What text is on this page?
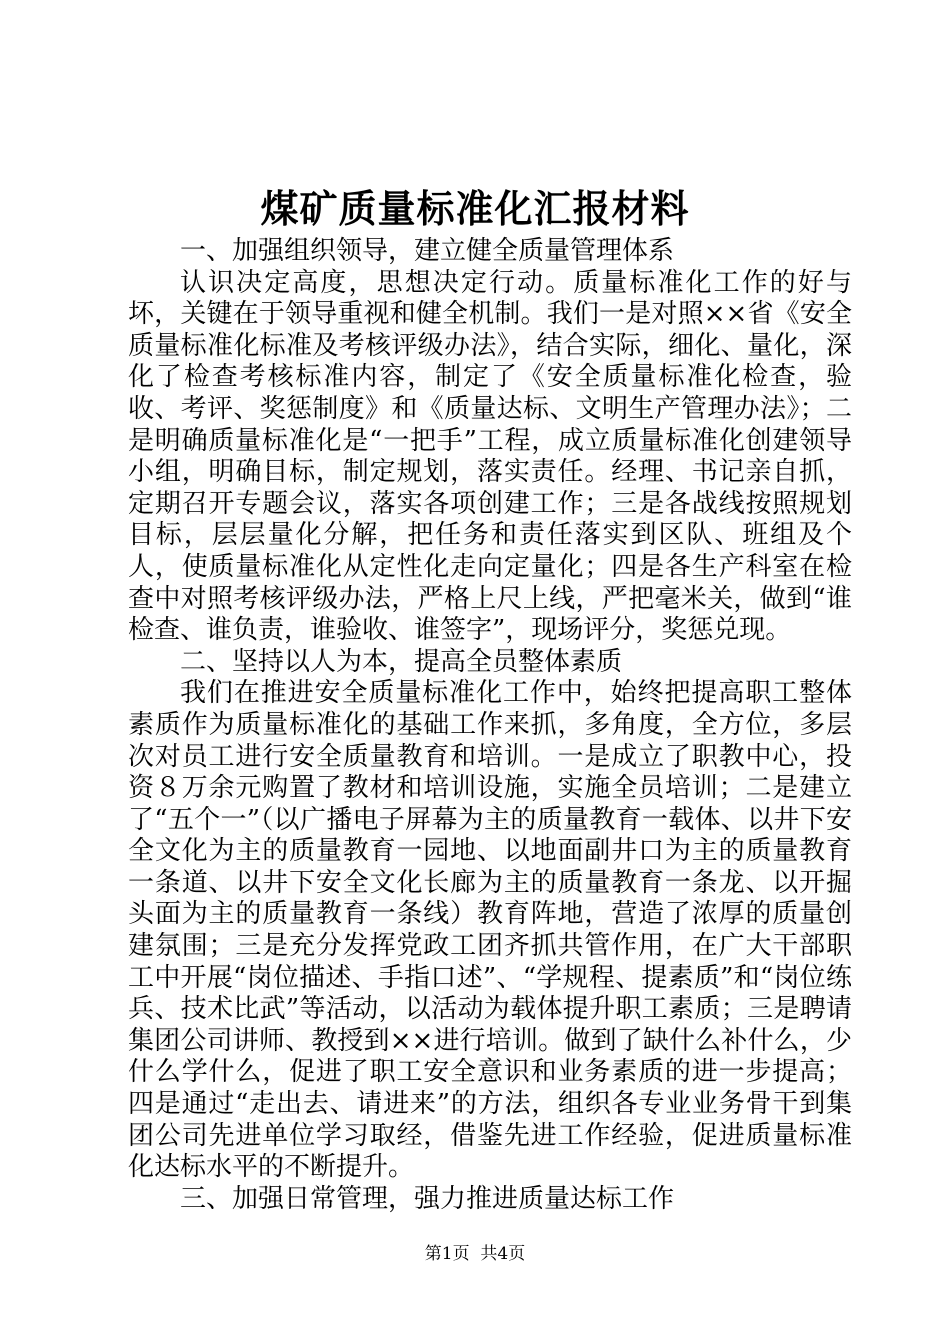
煤矿质量标准化汇报材料

一、加强组织领导，建立健全质量管理体系

认识决定高度，思想决定行动。质量标准化工作的好与坏，关键在于领导重视和健全机制。我们一是对照××省《安全质量标准化标准及考核评级办法》，结合实际，细化、量化，深化了检查考核标准内容，制定了《安全质量标准化检查，验收、考评、奖惩制度》和《质量达标、文明生产管理办法》；二是明确质量标准化是“一把手”工程，成立质量标准化创建领导小组，明确目标，制定规划，落实责任。经理、书记亲自抓，定期召开专题会议，落实各项创建工作；三是各战线按照规划目标，层层量化分解，把任务和责任落实到区队、班组及个人，使质量标准化从定性化走向定量化；四是各生产科室在检查中对照考核评级办法，严格上尺上线，严把毫米关，做到“谁检查、谁负责，谁验收、谁签字”，现场评分，奖惩兑现。

二、坚持以人为本，提高全员整体素质

我们在推进安全质量标准化工作中，始终把提高职工整体素质作为质量标准化的基础工作来抓，多角度，全方位，多层次对员工进行安全质量教育和培训。一是成立了职教中心，投资８万余元购置了教材和培训设施，实施全员培训；二是建立了“五个一”（以广播电子屏幕为主的质量教育一载体、以井下安全文化为主的质量教育一园地、以地面副井口为主的质量教育一条道、以井下安全文化长廊为主的质量教育一条龙、以开掘头面为主的质量教育一条线）教育阵地，营造了浓厚的质量创建氛围；三是充分发挥党政工团齐抓共管作用，在广大干部职工中开展“岗位描述、手指口述”、“学规程、提素质”和“岗位练兵、技术比武”等活动，以活动为载体提升职工素质；三是聘请集团公司讲师、教授到××进行培训。做到了缺什么补什么，少什么学什么，促进了职工安全意识和业务素质的进一步提高；四是通过“走出去、请进来”的方法，组织各专业业务骨干到集团公司先进单位学习取经，借鉴先进工作经验，促进质量标准化达标水平的不断提升。

三、加强日常管理，强力推进质量达标工作

第1页 共4页
